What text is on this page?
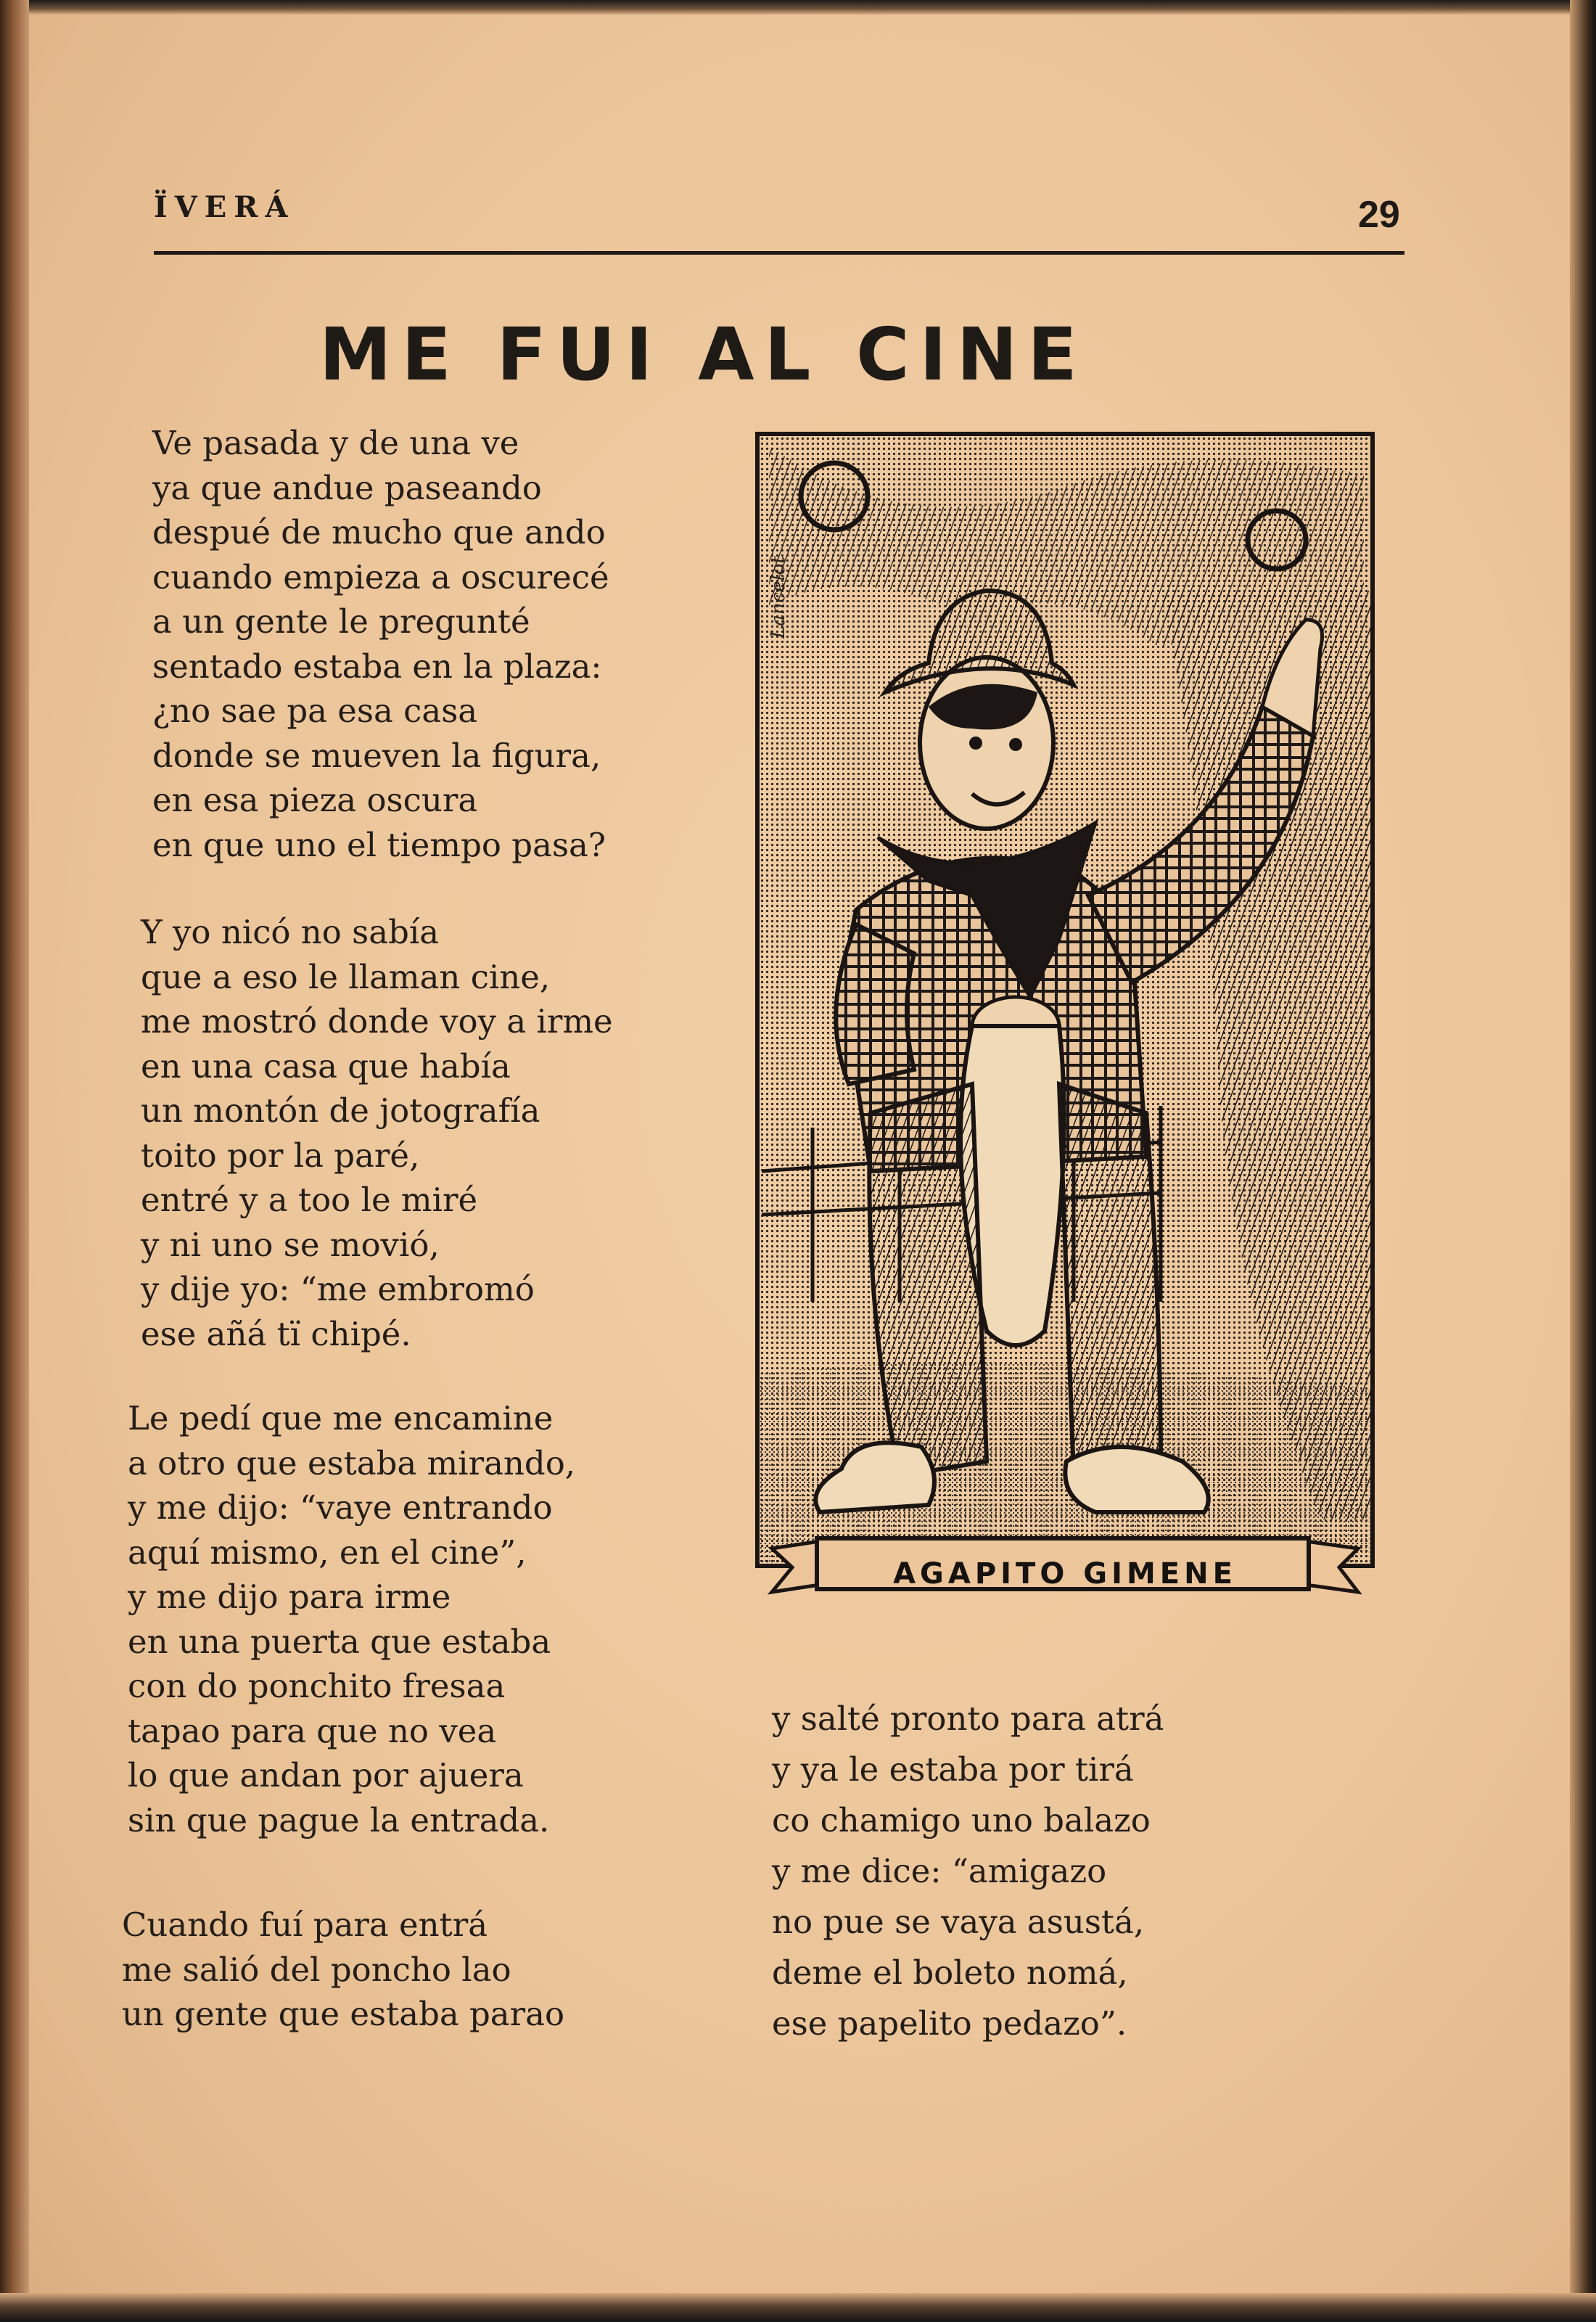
ÏVERÁ	29
ME FUI AL CINE
Ve pasada y de una ve
ya que andue paseando
despué de mucho que ando
cuando empieza a oscurecé
a un gente le pregunté
sentado estaba en la plaza:
¿no sae pa esa casa
donde se mueven la figura,
en esa pieza oscura
en que uno el tiempo pasa?
Y yo nicó no sabía
que a eso le llaman cine,
me mostró donde voy a irme
en una casa que había
un montón de jotografía
toito por la paré,
entré y a too le miré
y ni uno se movió,
y dije yo: “me embromó
ese añá tï chipé.
Le pedí que me encamine
a otro que estaba mirando,
y me dijo: “vaye entrando
aquí mismo, en el cine”,
y me dijo para irme
en una puerta que estaba
con do ponchito fresaa
tapao para que no vea
lo que andan por ajuera
sin que pague la entrada.
Cuando fuí para entrá
me salió del poncho lao
un gente que estaba parao
y salté pronto para atrá
y ya le estaba por tirá
co chamigo uno balazo
y me dice: “amigazo
no pue se vaya asustá,
deme el boleto nomá,
ese papelito pedazo”.
AGAPITO GIMENE
Lancelot
